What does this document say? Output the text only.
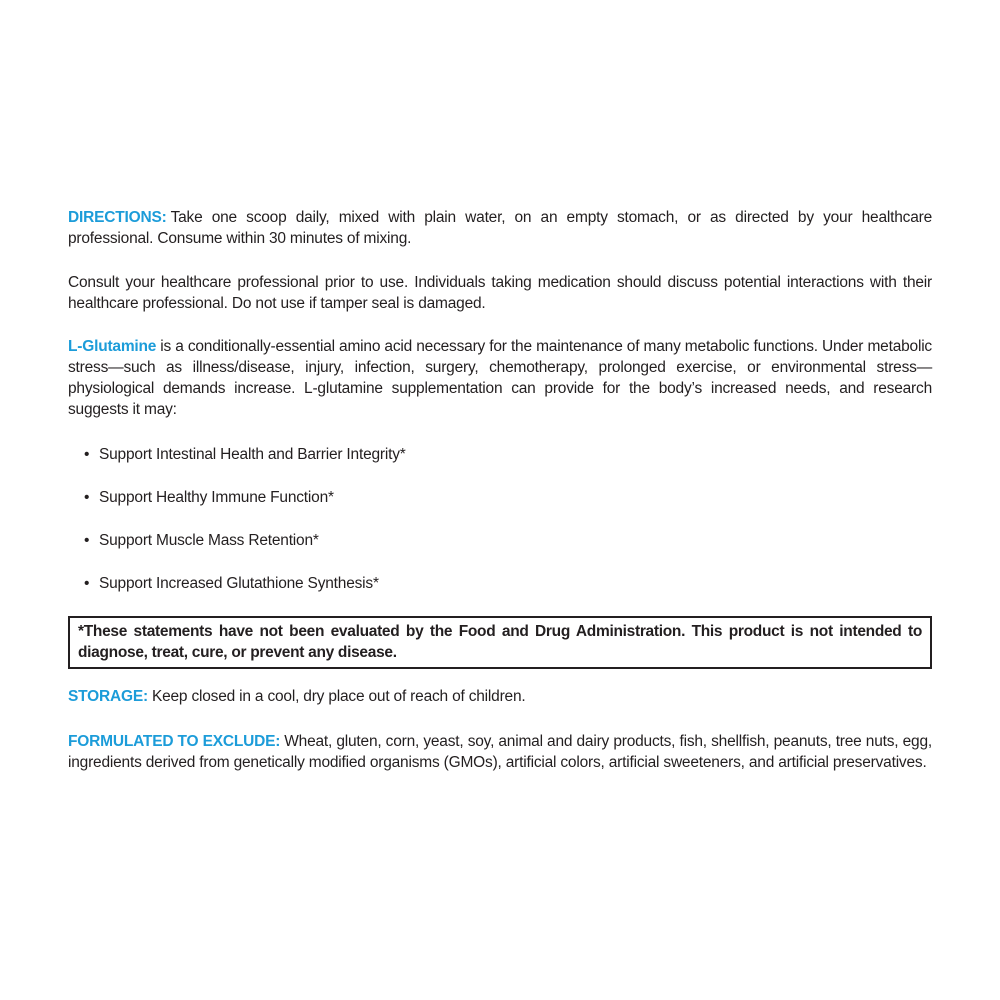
DIRECTIONS: Take one scoop daily, mixed with plain water, on an empty stomach, or as directed by your healthcare professional. Consume within 30 minutes of mixing.

Consult your healthcare professional prior to use. Individuals taking medication should discuss potential interactions with their healthcare professional. Do not use if tamper seal is damaged.

L-Glutamine is a conditionally-essential amino acid necessary for the maintenance of many metabolic functions. Under metabolic stress—such as illness/disease, injury, infection, surgery, chemotherapy, prolonged exercise, or environmental stress—physiological demands increase. L-glutamine supplementation can provide for the body’s increased needs, and research suggests it may:

• Support Intestinal Health and Barrier Integrity*
• Support Healthy Immune Function*
• Support Muscle Mass Retention*
• Support Increased Glutathione Synthesis*
*These statements have not been evaluated by the Food and Drug Administration. This product is not intended to diagnose, treat, cure, or prevent any disease.

STORAGE: Keep closed in a cool, dry place out of reach of children.

FORMULATED TO EXCLUDE: Wheat, gluten, corn, yeast, soy, animal and dairy products, fish, shellfish, peanuts, tree nuts, egg, ingredients derived from genetically modified organisms (GMOs), artificial colors, artificial sweeteners, and artificial preservatives.
